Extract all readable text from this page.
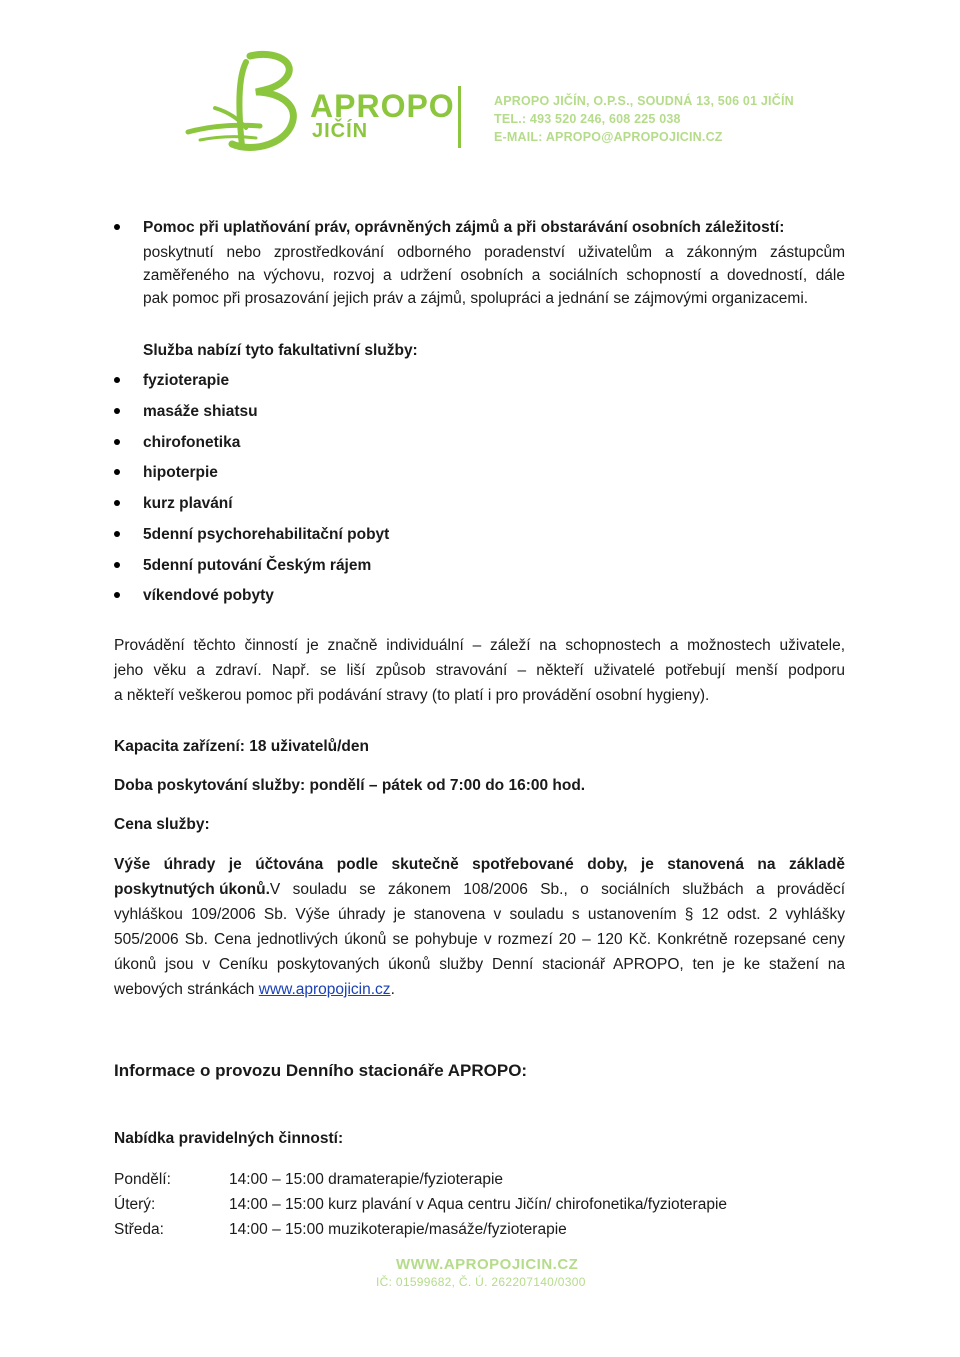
APROPO
JIČÍN
APROPO JIČÍN, O.P.S., SOUDNÁ 13, 506 01 JIČÍN
TEL.: 493 520 246, 608 225 038
E-MAIL: APROPO@APROPOJICIN.CZ
Pomoc při uplatňování práv, oprávněných zájmů a při obstarávání osobních záležitostí:
poskytnutí nebo zprostředkování odborného poradenství uživatelům a zákonným zástupcům
zaměřeného na výchovu, rozvoj a udržení osobních a sociálních schopností a dovedností, dále
pak pomoc při prosazování jejich práv a zájmů, spolupráci a jednání se zájmovými organizacemi.
Služba nabízí tyto fakultativní služby:
fyzioterapie
masáže shiatsu
chirofonetika
hipoterpie
kurz plavání
5denní psychorehabilitační pobyt
5denní putování Českým rájem
víkendové pobyty
Provádění těchto činností je značně individuální – záleží na schopnostech a možnostech uživatele,
jeho věku a zdraví. Např. se liší způsob stravování – někteří uživatelé potřebují menší podporu
a někteří veškerou pomoc při podávání stravy (to platí i pro provádění osobní hygieny).
Kapacita zařízení: 18 uživatelů/den
Doba poskytování služby: pondělí – pátek od 7:00 do 16:00 hod.
Cena služby:
Výše úhrady je účtována podle skutečně spotřebované doby, je stanovená na základě
poskytnutých úkonů. V souladu se zákonem 108/2006 Sb., o sociálních službách a prováděcí
vyhláškou 109/2006 Sb. Výše úhrady je stanovena v souladu s ustanovením § 12 odst. 2 vyhlášky
505/2006 Sb. Cena jednotlivých úkonů se pohybuje v rozmezí 20 – 120 Kč. Konkrétně rozepsané ceny
úkonů jsou v Ceníku poskytovaných úkonů služby Denní stacionář APROPO, ten je ke stažení na
webových stránkách www.apropojicin.cz.
Informace o provozu Denního stacionáře APROPO:
Nabídka pravidelných činností:
Pondělí:	14:00 – 15:00 dramaterapie/fyzioterapie
Úterý:	14:00 – 15:00 kurz plavání v Aqua centru Jičín/ chirofonetika/fyzioterapie
Středa:	14:00 – 15:00 muzikoterapie/masáže/fyzioterapie
WWW.APROPOJICIN.CZ
IČ: 01599682, Č. Ú. 262207140/0300
